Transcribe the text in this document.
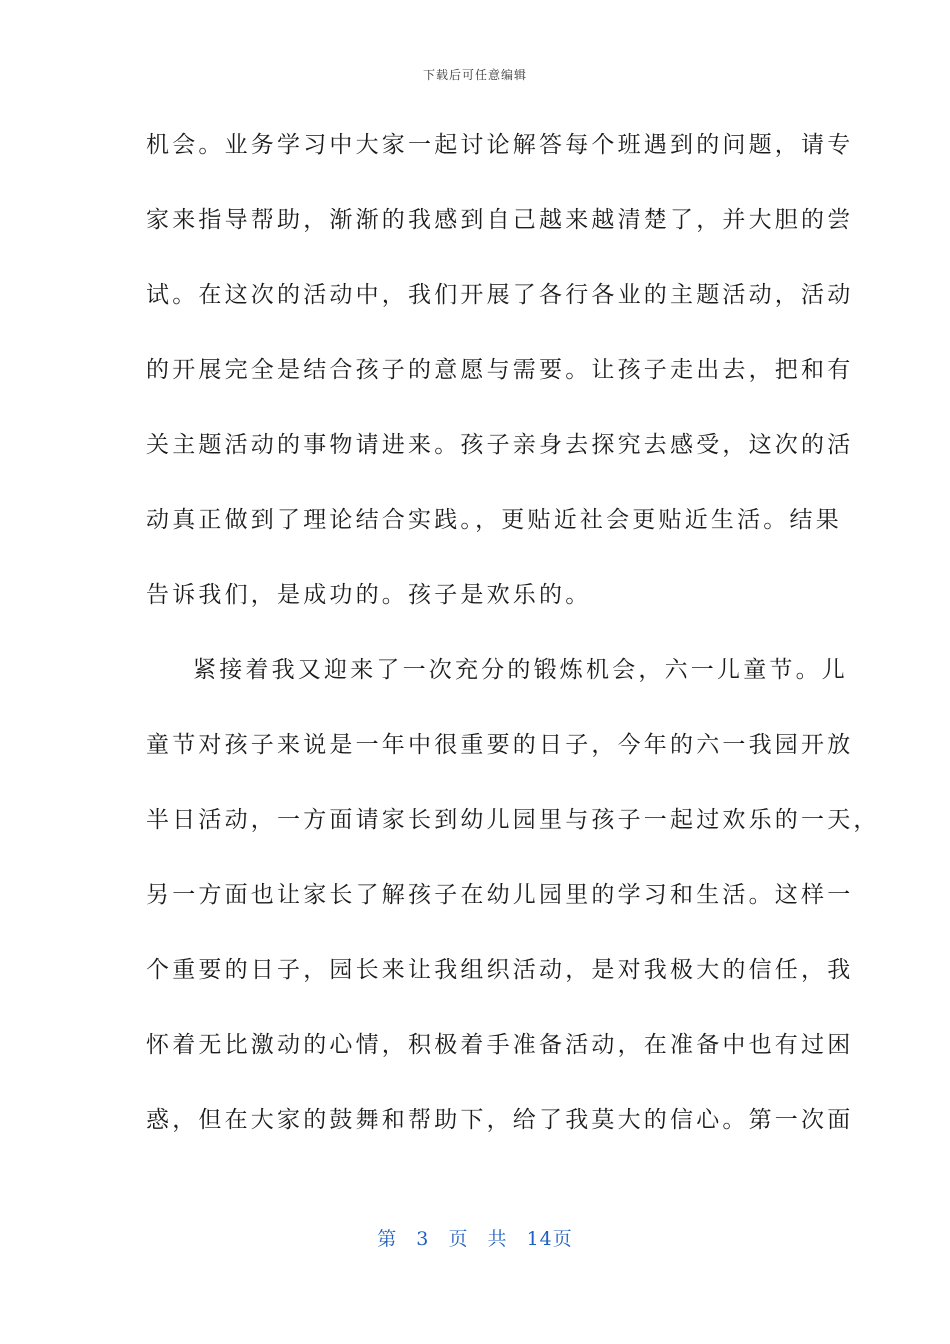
下载后可任意编辑
机会。业务学习中大家一起讨论解答每个班遇到的问题，请专
家来指导帮助，渐渐的我感到自己越来越清楚了，并大胆的尝
试。在这次的活动中，我们开展了各行各业的主题活动，活动
的开展完全是结合孩子的意愿与需要。让孩子走出去，把和有
关主题活动的事物请进来。孩子亲身去探究去感受，这次的活
动真正做到了理论结合实践。，更贴近社会更贴近生活。结果
告诉我们，是成功的。孩子是欢乐的。
紧接着我又迎来了一次充分的锻炼机会，六一儿童节。儿
童节对孩子来说是一年中很重要的日子，今年的六一我园开放
半日活动，一方面请家长到幼儿园里与孩子一起过欢乐的一天，
另一方面也让家长了解孩子在幼儿园里的学习和生活。这样一
个重要的日子，园长来让我组织活动，是对我极大的信任，我
怀着无比激动的心情，积极着手准备活动，在准备中也有过困
惑，但在大家的鼓舞和帮助下，给了我莫大的信心。第一次面
第 3 页 共 14页
